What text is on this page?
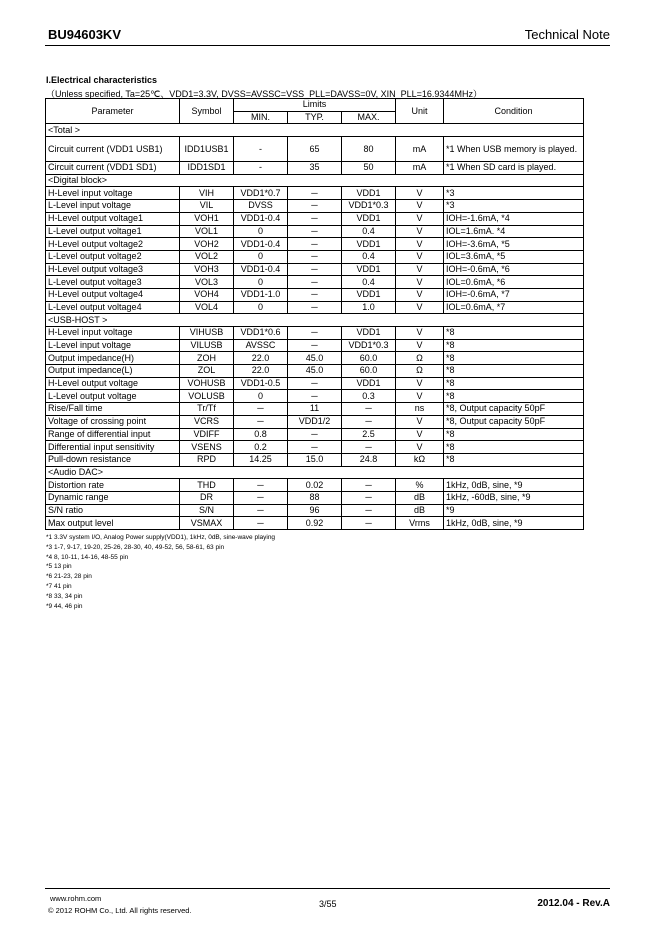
BU94603KV	Technical Note
I.Electrical characteristics
（Unless specified, Ta=25℃、VDD1=3.3V, DVSS=AVSSC=VSS_PLL=DAVSS=0V, XIN_PLL=16.9344MHz）
Parameter	Symbol	Limits			Unit	Condition
		MIN.	TYP.	MAX.		
<Total >						
Circuit current (VDD1 USB1)	IDD1USB1	-	65	80	mA	*1 When USB memory is played.
Circuit current (VDD1 SD1)	IDD1SD1	-	35	50	mA	*1 When SD card is played.
<Digital block>						
H-Level input voltage	VIH	VDD1*0.7	─	VDD1	V	*3
L-Level input voltage	VIL	DVSS	─	VDD1*0.3	V	*3
H-Level output voltage1	VOH1	VDD1-0.4	─	VDD1	V	IOH=-1.6mA, *4
L-Level output voltage1	VOL1	0	─	0.4	V	IOL=1.6mA. *4
H-Level output voltage2	VOH2	VDD1-0.4	─	VDD1	V	IOH=-3.6mA, *5
L-Level output voltage2	VOL2	0	─	0.4	V	IOL=3.6mA, *5
H-Level output voltage3	VOH3	VDD1-0.4	─	VDD1	V	IOH=-0.6mA, *6
L-Level output voltage3	VOL3	0	─	0.4	V	IOL=0.6mA, *6
H-Level output voltage4	VOH4	VDD1-1.0	─	VDD1	V	IOH=-0.6mA, *7
L-Level output voltage4	VOL4	0	─	1.0	V	IOL=0.6mA, *7
<USB-HOST >						
H-Level input voltage	VIHUSB	VDD1*0.6	─	VDD1	V	*8
L-Level input voltage	VILUSB	AVSSC	─	VDD1*0.3	V	*8
Output impedance(H)	ZOH	22.0	45.0	60.0	Ω	*8
Output impedance(L)	ZOL	22.0	45.0	60.0	Ω	*8
H-Level output voltage	VOHUSB	VDD1-0.5	─	VDD1	V	*8
L-Level output voltage	VOLUSB	0	─	0.3	V	*8
Rise/Fall time	Tr/Tf	─	11	─	ns	*8, Output capacity 50pF
Voltage of crossing point	VCRS	─	VDD1/2	─	V	*8, Output capacity 50pF
Range of differential input	VDIFF	0.8	─	2.5	V	*8
Differential input sensitivity	VSENS	0.2	─	─	V	*8
Pull-down resistance	RPD	14.25	15.0	24.8	kΩ	*8
<Audio DAC>						
Distortion rate	THD	─	0.02	─	%	1kHz, 0dB, sine, *9
Dynamic range	DR	─	88	─	dB	1kHz, -60dB, sine, *9
S/N ratio	S/N	─	96	─	dB	*9
Max output level	VSMAX	─	0.92	─	Vrms	1kHz, 0dB, sine, *9
*1 3.3V system I/O, Analog Power supply(VDD1), 1kHz, 0dB, sine-wave playing
*3 1-7, 9-17, 19-20, 25-26, 28-30, 40, 49-52, 56, 58-61, 63 pin
*4 8, 10-11, 14-16, 48-55 pin
*5 13 pin
*6 21-23, 28 pin
*7 41 pin
*8 33, 34 pin
*9 44, 46 pin
www.rohm.com
© 2012 ROHM Co., Ltd. All rights reserved.
3/55	2012.04 - Rev.A
